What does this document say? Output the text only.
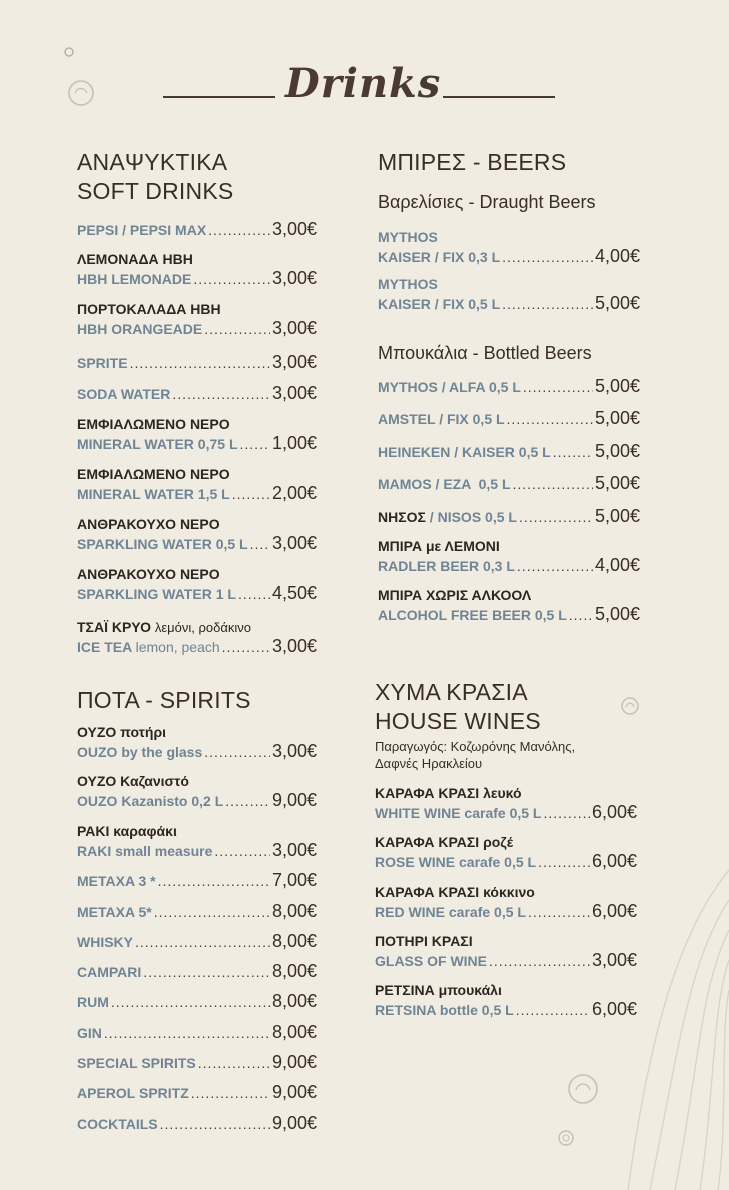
Drinks
ΑΝΑΨΥΚΤΙΚΑ
SOFT DRINKS
PEPSI / PEPSI MAX .....	3,00€
ΛΕΜΟΝΑΔΑ ΗΒΗ
ΗΒΗ LEMONADE .....	3,00€
ΠΟΡΤΟΚΑΛΑΔΑ ΗΒΗ
ΗΒΗ ORANGEADE .....	3,00€
SPRITE .....	3,00€
SODA WATER .....	3,00€
ΕΜΦΙΑΛΩΜΕΝΟ ΝΕΡΟ
MINERAL WATER 0,75 L ..... 1,00€
ΕΜΦΙΑΛΩΜΕΝΟ ΝΕΡΟ
MINERAL WATER 1,5 L ..... 2,00€
ΑΝΘΡΑΚΟΥΧΟ ΝΕΡΟ
SPARKLING WATER 0,5 L ..... 3,00€
ΑΝΘΡΑΚΟΥΧΟ ΝΕΡΟ
SPARKLING WATER 1 L ..... 4,50€
ΤΣΑΪ ΚΡΥΟ λεμόνι, ροδάκινο
ICE TEA lemon, peach .....	3,00€
ΠΟΤΑ - SPIRITS
ΟΥΖΟ ποτήρι
OUZO by the glass .....	3,00€
ΟΥΖΟ Καζανιστό
OUZO Kazanisto 0,2 L .....	9,00€
ΡΑΚΙ καραφάκι
RAKI small measure .....	3,00€
METAXA 3 * .....	7,00€
METAXA 5* .....	8,00€
WHISKY .....	8,00€
CAMPARI .....	8,00€
RUM .....	8,00€
GIN .....	8,00€
SPECIAL SPIRITS .....	9,00€
APEROL SPRITZ .....	9,00€
COCKTAILS .....	9,00€
ΜΠΙΡΕΣ - BEERS
Βαρελίσιες - Draught Beers
MYTHOS
KAISER / FIX 0,3 L .....	4,00€
MYTHOS
KAISER / FIX 0,5 L .....	5,00€
Μπουκάλια - Bottled Beers
MYTHOS / ALFA 0,5 L .....	5,00€
AMSTEL / FIX 0,5 L .....	5,00€
HEINEKEN / KAISER 0,5 L ..... 5,00€
MAMOS / EZA  0,5 L .....	5,00€
ΝΗΣΟΣ / NISOS 0,5 L .....	5,00€
ΜΠΙΡΑ με ΛΕΜΟΝΙ
RADLER BEER 0,3 L .....	4,00€
ΜΠΙΡΑ ΧΩΡΙΣ ΑΛΚΟΟΛ
ALCOHOL FREE BEER 0,5 L ..... 5,00€
ΧΥΜΑ ΚΡΑΣΙΑ
HOUSE WINES
Παραγωγός: Κοζωρόνης Μανόλης,
Δαφνές Ηρακλείου
ΚΑΡΑΦΑ ΚΡΑΣΙ λευκό
WHITE WINE carafe 0,5 L .....	6,00€
ΚΑΡΑΦΑ ΚΡΑΣΙ ροζέ
ROSE WINE carafe 0,5 L .....	6,00€
ΚΑΡΑΦΑ ΚΡΑΣΙ κόκκινο
RED WINE carafe 0,5 L .....	6,00€
ΠΟΤΗΡΙ ΚΡΑΣΙ
GLASS OF WINE .....	3,00€
ΡΕΤΣΙΝΑ μπουκάλι
RETSINA bottle 0,5 L .....	6,00€
